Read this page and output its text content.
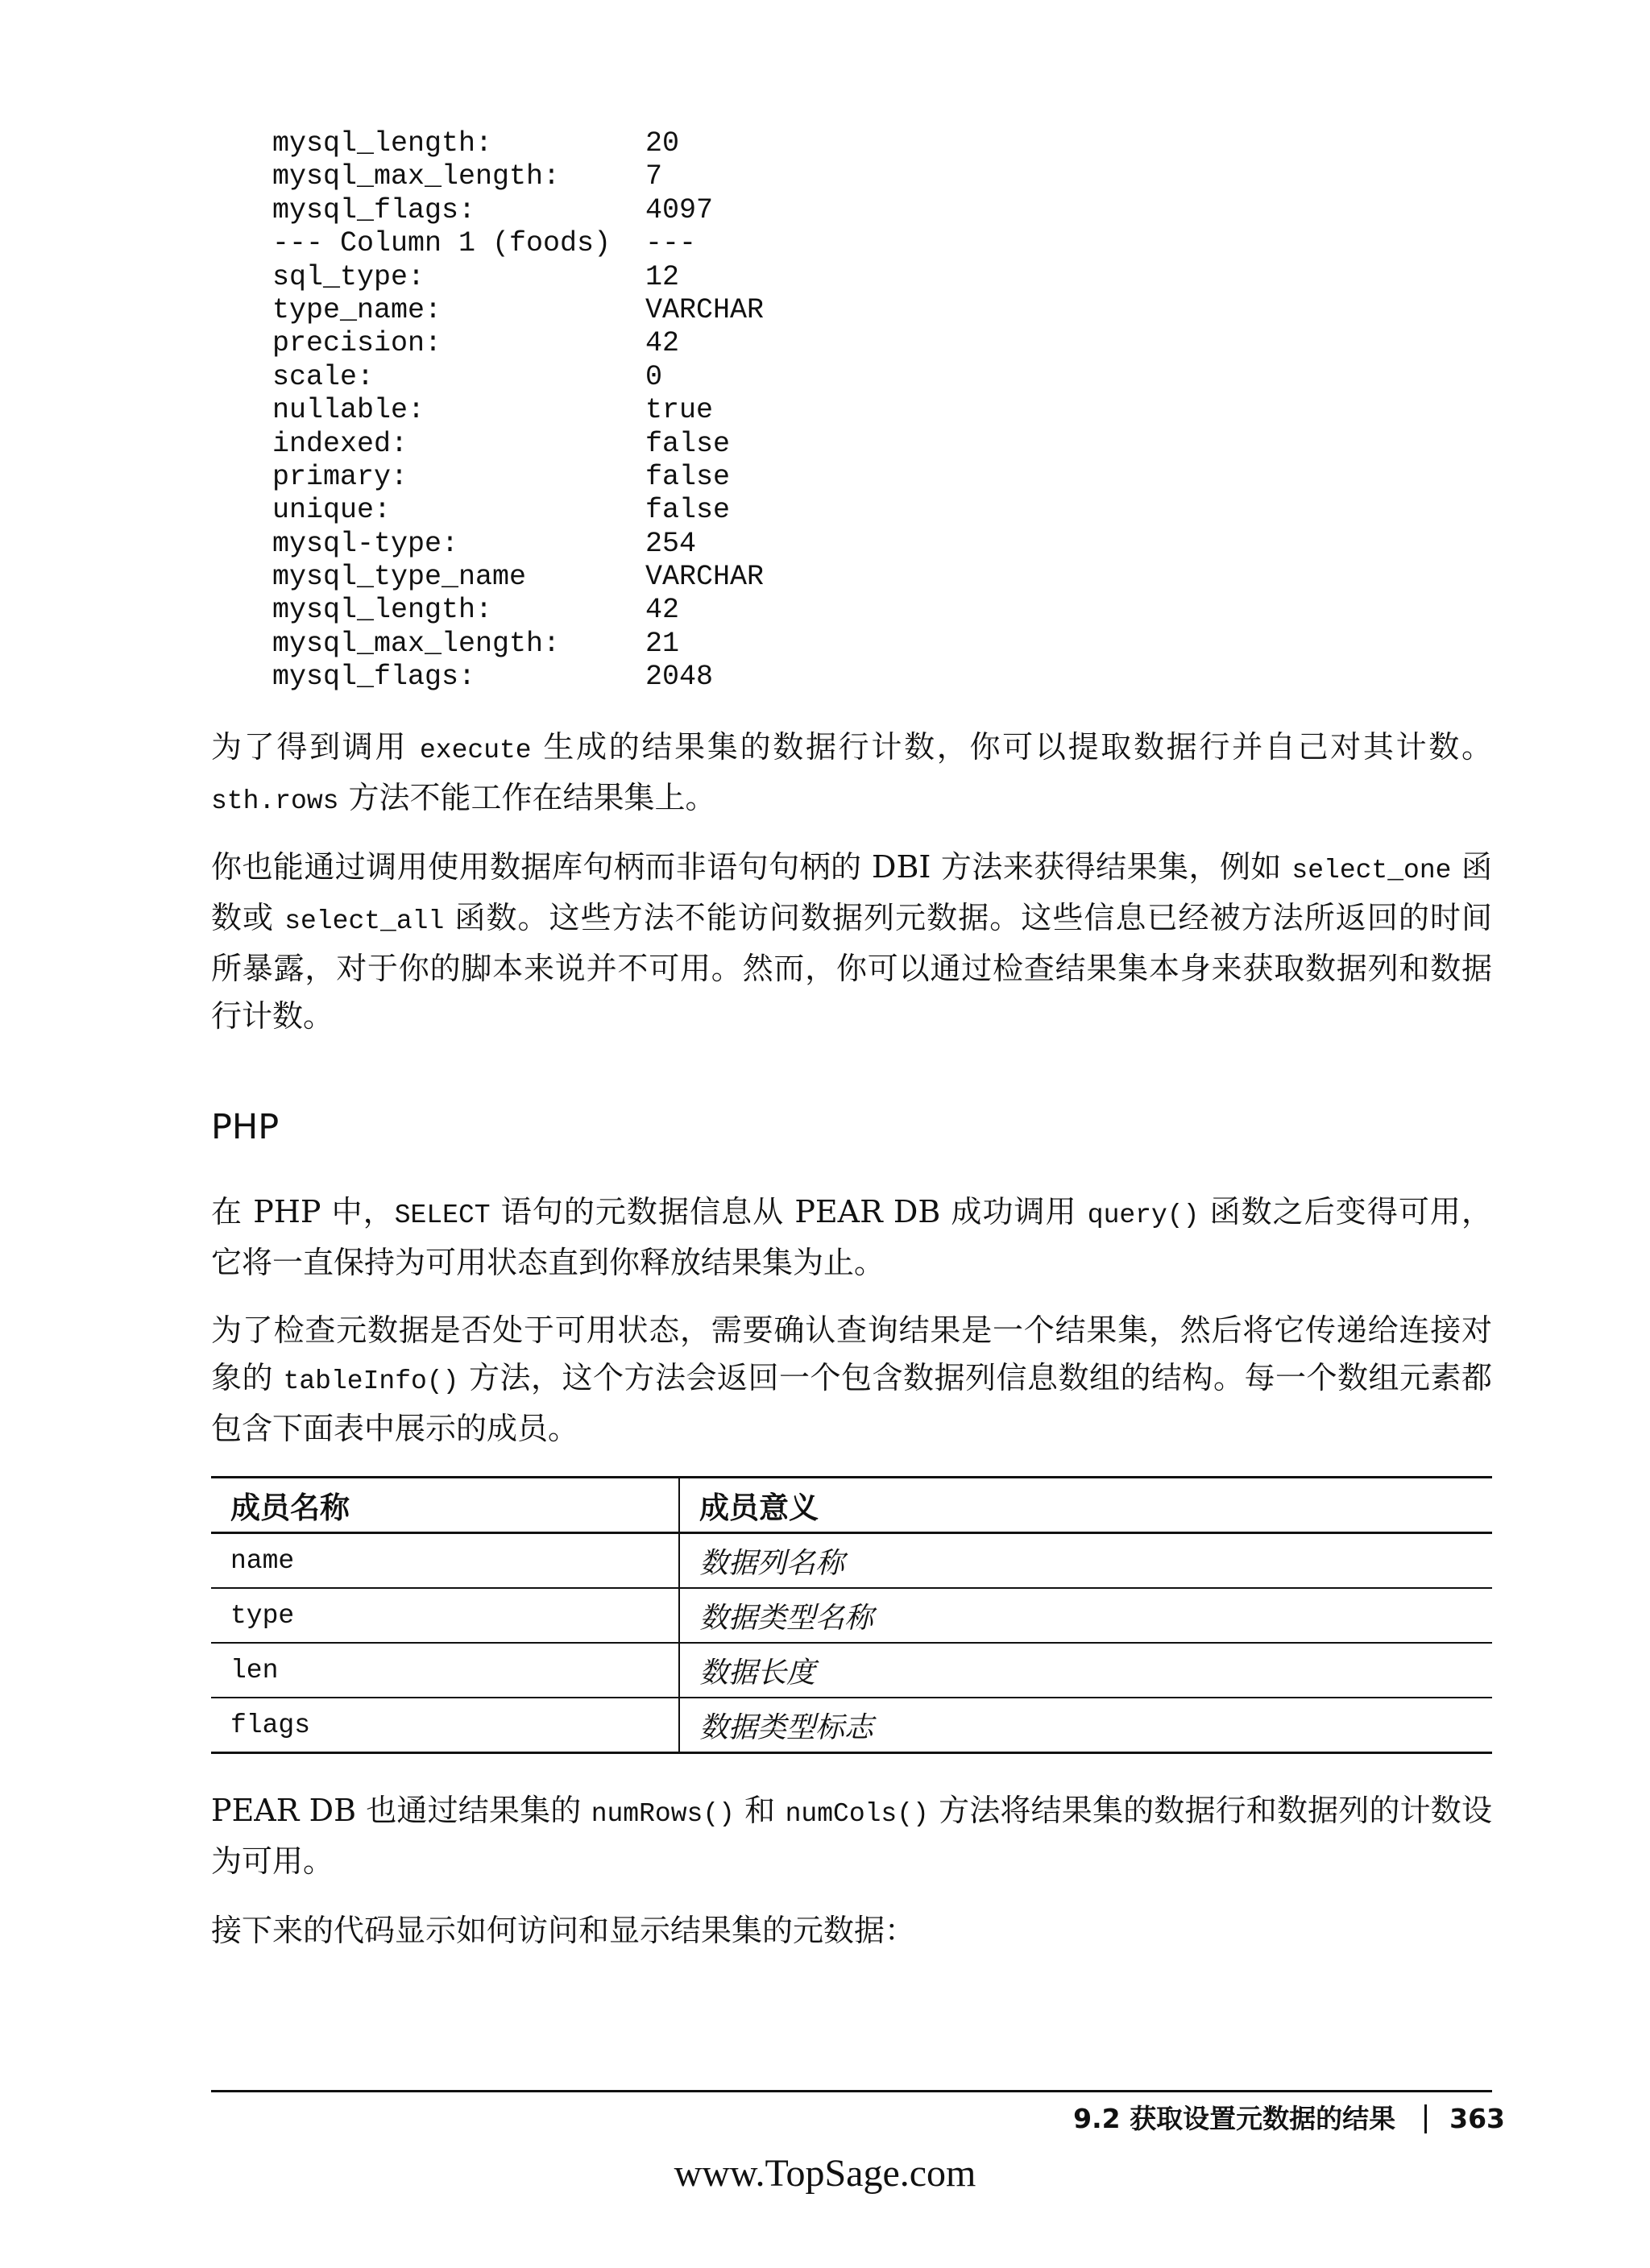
mysql_length:	20
mysql_max_length:	7
mysql_flags:	4097
--- Column 1 (foods)	---
sql_type:	12
type_name:	VARCHAR
precision:	42
scale:	0
nullable:	true
indexed:	false
primary:	false
unique:	false
mysql-type:	254
mysql_type_name	VARCHAR
mysql_length:	42
mysql_max_length:	21
mysql_flags:	2048

为了得到调用 execute 生成的结果集的数据行计数，你可以提取数据行并自己对其计数。sth.rows 方法不能工作在结果集上。

你也能通过调用使用数据库句柄而非语句句柄的 DBI 方法来获得结果集，例如 select_one 函数或 select_all 函数。这些方法不能访问数据列元数据。这些信息已经被方法所返回的时间所暴露，对于你的脚本来说并不可用。然而，你可以通过检查结果集本身来获取数据列和数据行计数。

PHP

在 PHP 中，SELECT 语句的元数据信息从 PEAR DB 成功调用 query() 函数之后变得可用，它将一直保持为可用状态直到你释放结果集为止。

为了检查元数据是否处于可用状态，需要确认查询结果是一个结果集，然后将它传递给连接对象的 tableInfo() 方法，这个方法会返回一个包含数据列信息数组的结构。每一个数组元素都包含下面表中展示的成员。

成员名称	成员意义
name	数据列名称
type	数据类型名称
len	数据长度
flags	数据类型标志

PEAR DB 也通过结果集的 numRows() 和 numCols() 方法将结果集的数据行和数据列的计数设为可用。

接下来的代码显示如何访问和显示结果集的元数据：

9.2 获取设置元数据的结果 363
www.TopSage.com
